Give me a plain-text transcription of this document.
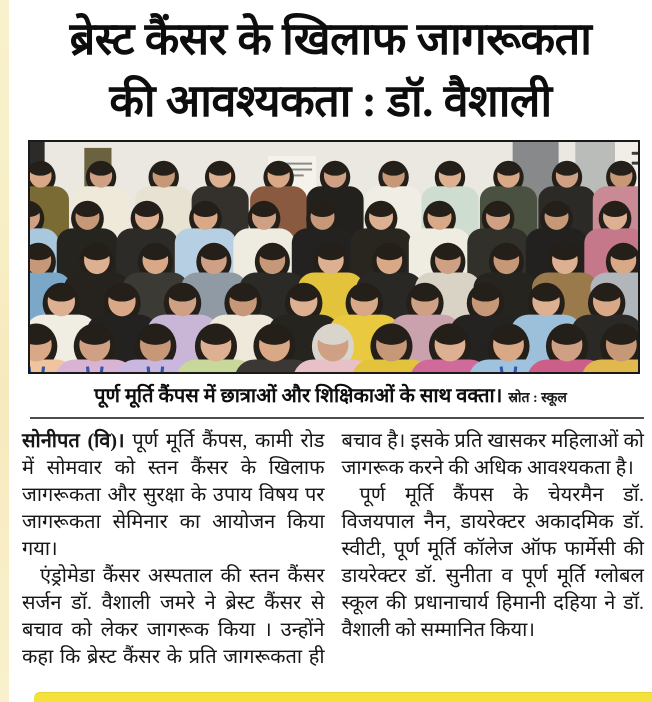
ब्रेस्ट कैंसर के खिलाफ जागरूकता
की आवश्यकता : डॉ. वैशाली
पूर्ण मूर्ति कैंपस में छात्राओं और शिक्षिकाओं के साथ वक्ता। स्रोत : स्कूल

सोनीपत (वि)। पूर्ण मूर्ति कैंपस, कामी रोड में सोमवार को स्तन कैंसर के खिलाफ जागरूकता और सुरक्षा के उपाय विषय पर जागरूकता सेमिनार का आयोजन किया गया।

एंड्रोमेडा कैंसर अस्पताल की स्तन कैंसर सर्जन डॉ. वैशाली जमरे ने ब्रेस्ट कैंसर से बचाव को लेकर जागरूक किया । उन्होंने कहा कि ब्रेस्ट कैंसर के प्रति जागरूकता ही बचाव है। इसके प्रति खासकर महिलाओं को जागरूक करने की अधिक आवश्यकता है।

पूर्ण मूर्ति कैंपस के चेयरमैन डॉ. विजयपाल नैन, डायरेक्टर अकादमिक डॉ. स्वीटी, पूर्ण मूर्ति कॉलेज ऑफ फार्मेसी की डायरेक्टर डॉ. सुनीता व पूर्ण मूर्ति ग्लोबल स्कूल की प्रधानाचार्य हिमानी दहिया ने डॉ. वैशाली को सम्मानित किया।
